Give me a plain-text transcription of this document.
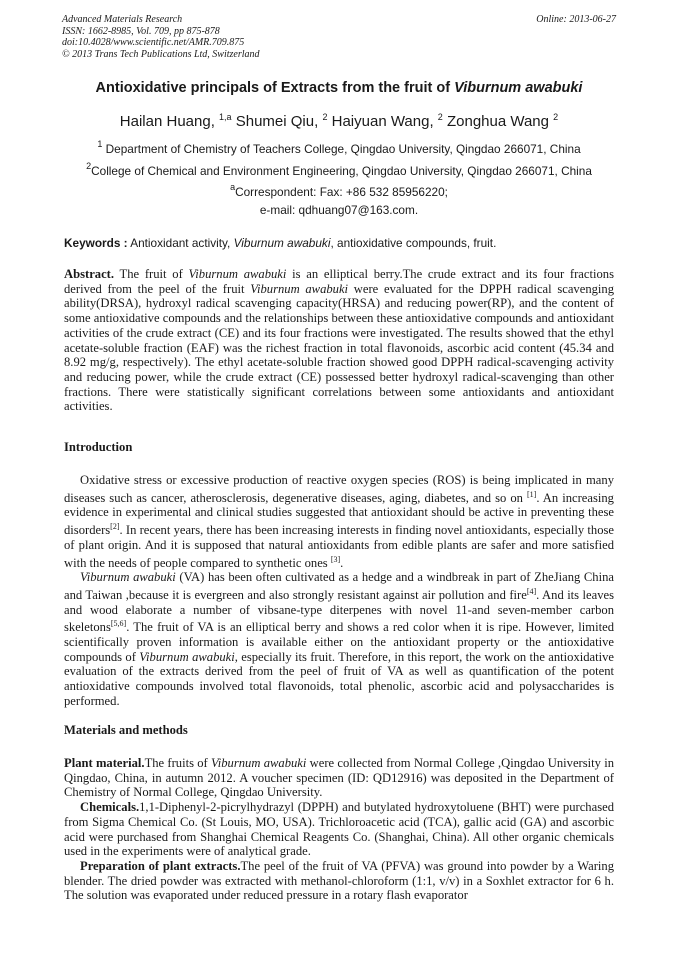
Advanced Materials Research
ISSN: 1662-8985, Vol. 709, pp 875-878
doi:10.4028/www.scientific.net/AMR.709.875
© 2013 Trans Tech Publications Ltd, Switzerland
Online: 2013-06-27
Antioxidative principals of Extracts from the fruit of Viburnum awabuki
Hailan Huang, $^{1,a}$ Shumei Qiu, $^2$ Haiyuan Wang, $^2$ Zonghua Wang $^2$
$^1$ Department of Chemistry of Teachers College, Qingdao University, Qingdao 266071, China
$^2$College of Chemical and Environment Engineering, Qingdao University, Qingdao 266071, China
$^a$Correspondent: Fax: +86 532 85956220;
e-mail: qdhuang07@163.com.
Keywords : Antioxidant activity, Viburnum awabuki, antioxidative compounds, fruit.

Abstract. The fruit of Viburnum awabuki is an elliptical berry.The crude extract and its four fractions derived from the peel of the fruit Viburnum awabuki were evaluated for the DPPH radical scavenging ability(DRSA), hydroxyl radical scavenging capacity(HRSA) and reducing power(RP), and the content of some antioxidative compounds and the relationships between these antioxidative compounds and antioxidant activities of the crude extract (CE) and its four fractions were investigated. The results showed that the ethyl acetate-soluble fraction (EAF) was the richest fraction in total flavonoids, ascorbic acid content (45.34 and 8.92 mg/g, respectively). The ethyl acetate-soluble fraction showed good DPPH radical-scavenging activity and reducing power, while the crude extract (CE) possessed better hydroxyl radical-scavenging than other fractions. There were statistically significant correlations between some antioxidants and antioxidant activities.

Introduction

Oxidative stress or excessive production of reactive oxygen species (ROS) is being implicated in many diseases such as cancer, atherosclerosis, degenerative diseases, aging, diabetes, and so on [1]. An increasing evidence in experimental and clinical studies suggested that antioxidant should be active in preventing these disorders[2]. In recent years, there has been increasing interests in finding novel antioxidants, especially those of plant origin. And it is supposed that natural antioxidants from edible plants are safer and more satisfied with the needs of people compared to synthetic ones [3].

Viburnum awabuki (VA) has been often cultivated as a hedge and a windbreak in part of ZheJiang China and Taiwan ,because it is evergreen and also strongly resistant against air pollution and fire[4]. And its leaves and wood elaborate a number of vibsane-type diterpenes with novel 11-and seven-member carbon skeletons[5,6]. The fruit of VA is an elliptical berry and shows a red color when it is ripe. However, limited scientifically proven information is available either on the antioxidant property or the antioxidative compounds of Viburnum awabuki, especially its fruit. Therefore, in this report, the work on the antioxidative evaluation of the extracts derived from the peel of fruit of VA as well as quantification of the potent antioxidative compounds involved total flavonoids, total phenolic, ascorbic acid and polysaccharides is performed.

Materials and methods

Plant material.The fruits of Viburnum awabuki were collected from Normal College ,Qingdao University in Qingdao, China, in autumn 2012. A voucher specimen (ID: QD12916) was deposited in the Department of Chemistry of Normal College, Qingdao University.

Chemicals.1,1-Diphenyl-2-picrylhydrazyl (DPPH) and butylated hydroxytoluene (BHT) were purchased from Sigma Chemical Co. (St Louis, MO, USA). Trichloroacetic acid (TCA), gallic acid (GA) and ascorbic acid were purchased from Shanghai Chemical Reagents Co. (Shanghai, China). All other organic chemicals used in the experiments were of analytical grade.

Preparation of plant extracts.The peel of the fruit of VA (PFVA) was ground into powder by a Waring blender. The dried powder was extracted with methanol-chloroform (1:1, v/v) in a Soxhlet extractor for 6 h. The solution was evaporated under reduced pressure in a rotary flash evaporator
